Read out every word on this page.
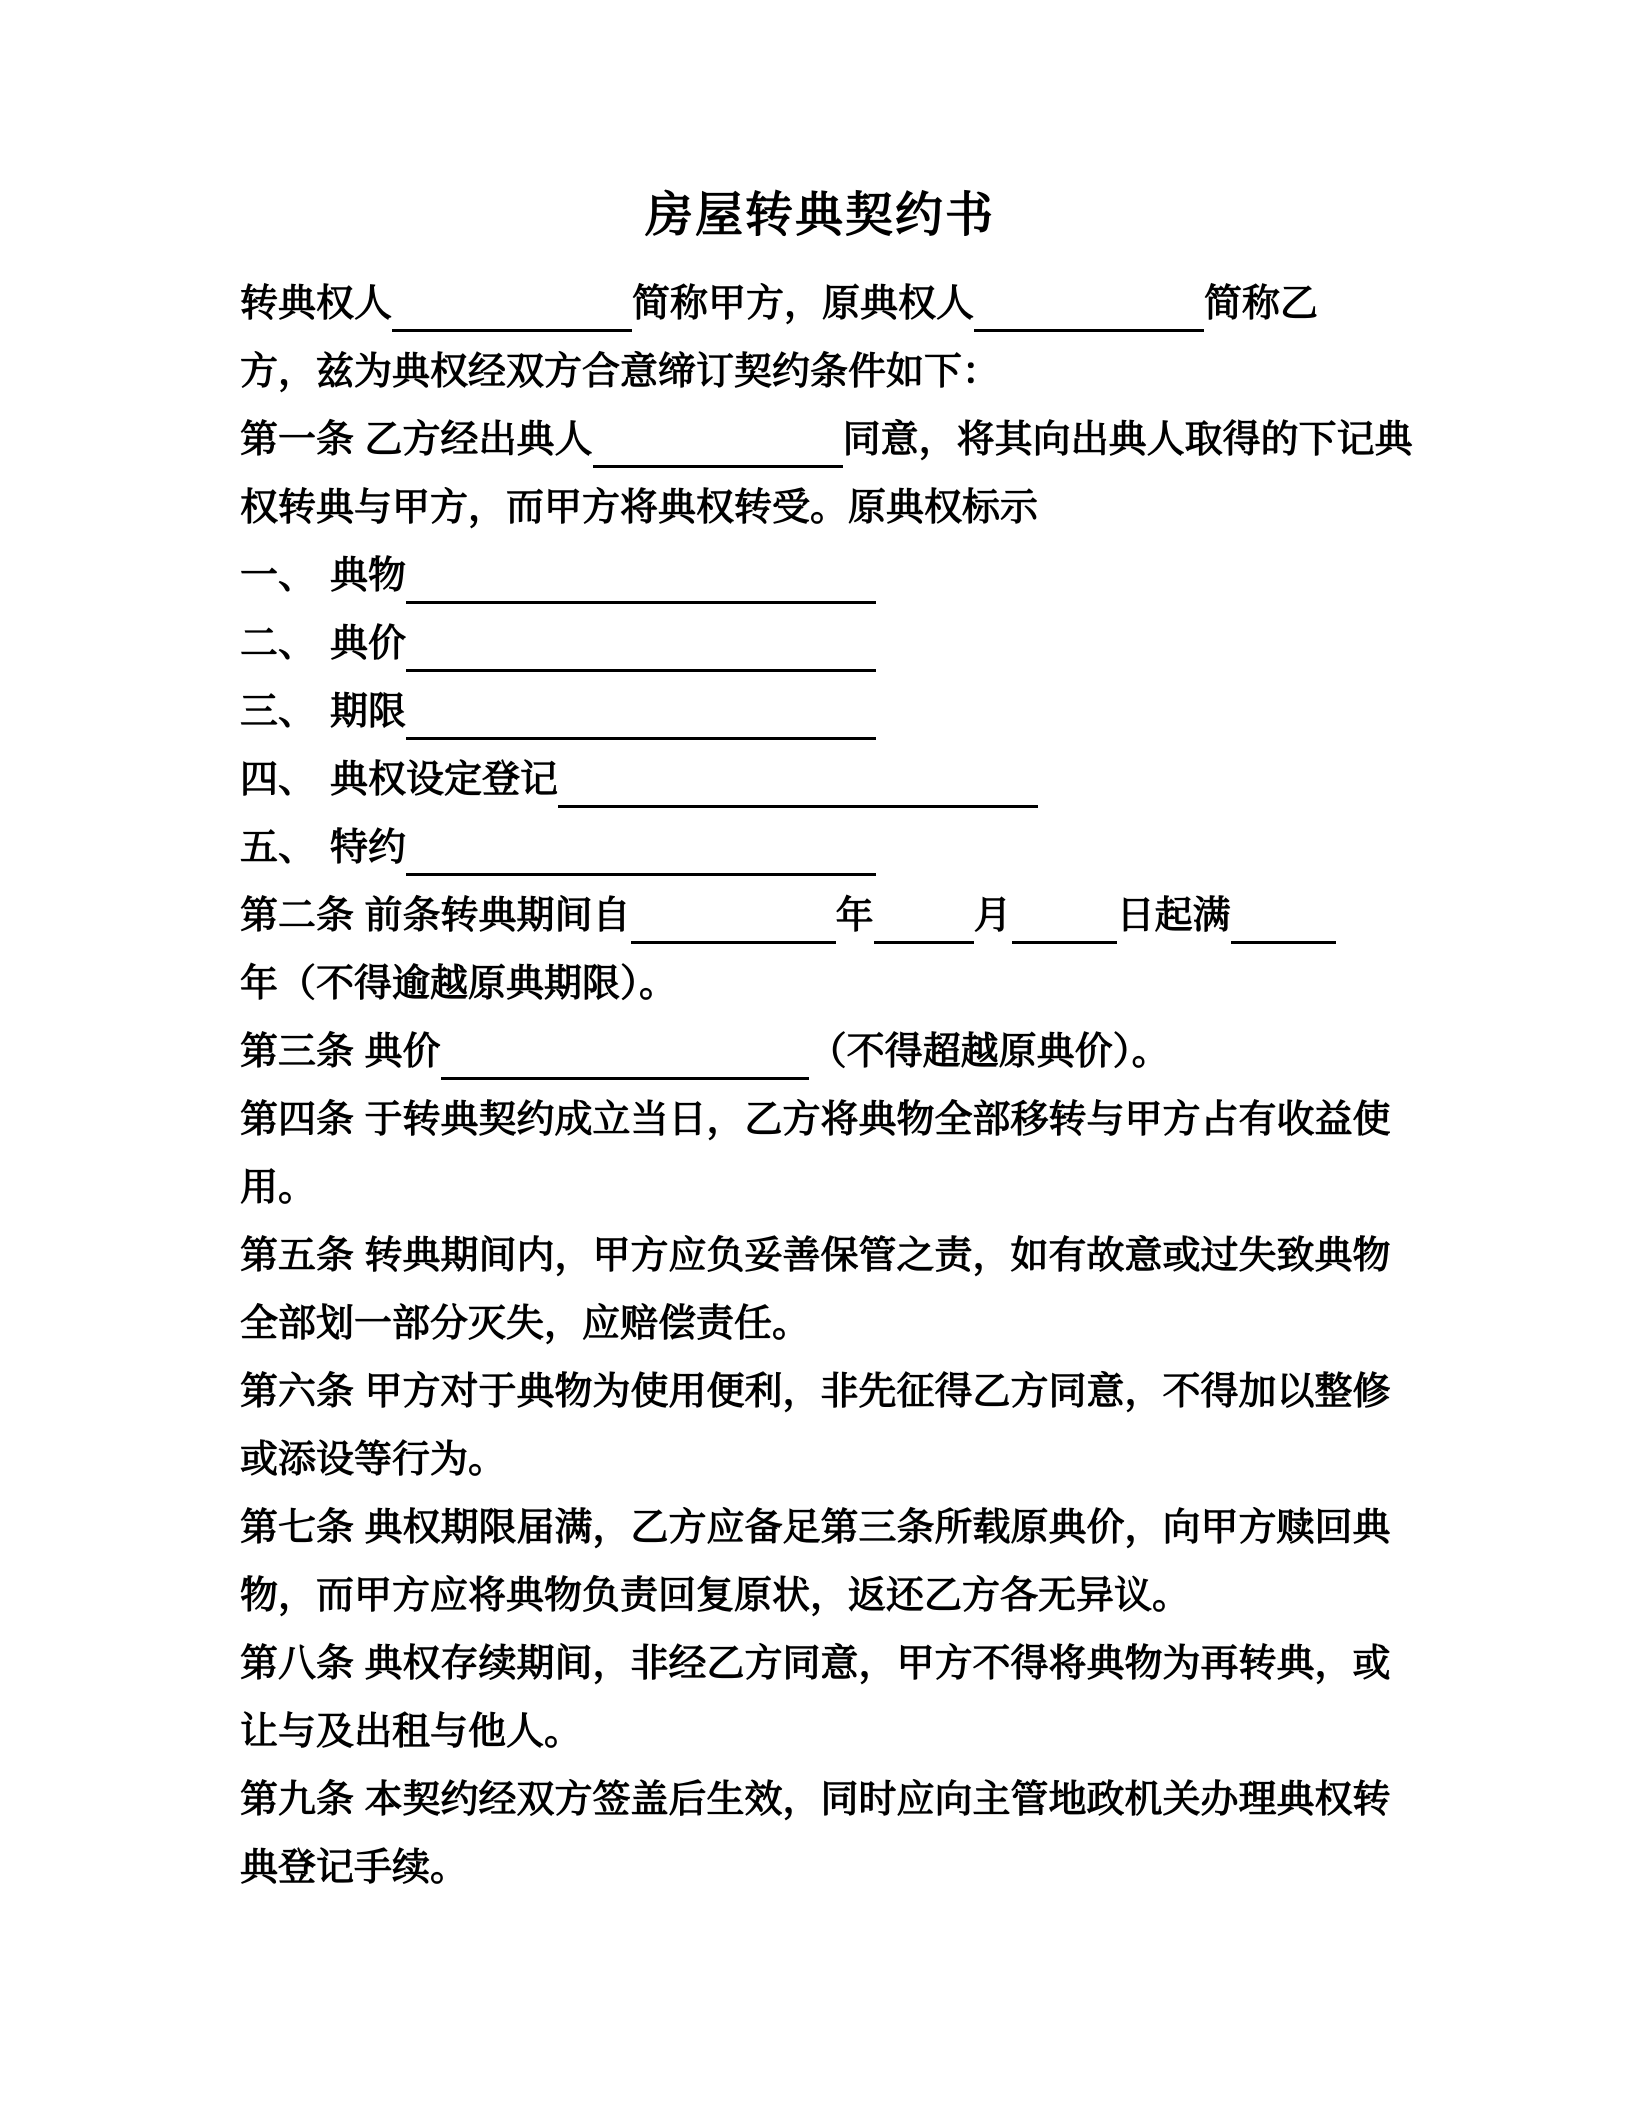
房屋转典契约书
转典权人	简称甲方，原典权人	简称乙
方，兹为典权经双方合意缔订契约条件如下：
第一条 乙方经出典人	同意，将其向出典人取得的下记典
权转典与甲方，而甲方将典权转受。原典权标示
一、 典物
二、 典价
三、 期限
四、 典权设定登记
五、 特约
第二条 前条转典期间自	年	月	日起满
年（不得逾越原典期限）。
第三条 典价	（不得超越原典价）。
第四条 于转典契约成立当日，乙方将典物全部移转与甲方占有收益使
用。
第五条 转典期间内，甲方应负妥善保管之责，如有故意或过失致典物
全部划一部分灭失，应赔偿责任。
第六条 甲方对于典物为使用便利，非先征得乙方同意，不得加以整修
或添设等行为。
第七条 典权期限届满，乙方应备足第三条所载原典价，向甲方赎回典
物，而甲方应将典物负责回复原状，返还乙方各无异议。
第八条 典权存续期间，非经乙方同意，甲方不得将典物为再转典，或
让与及出租与他人。
第九条 本契约经双方签盖后生效，同时应向主管地政机关办理典权转
典登记手续。
